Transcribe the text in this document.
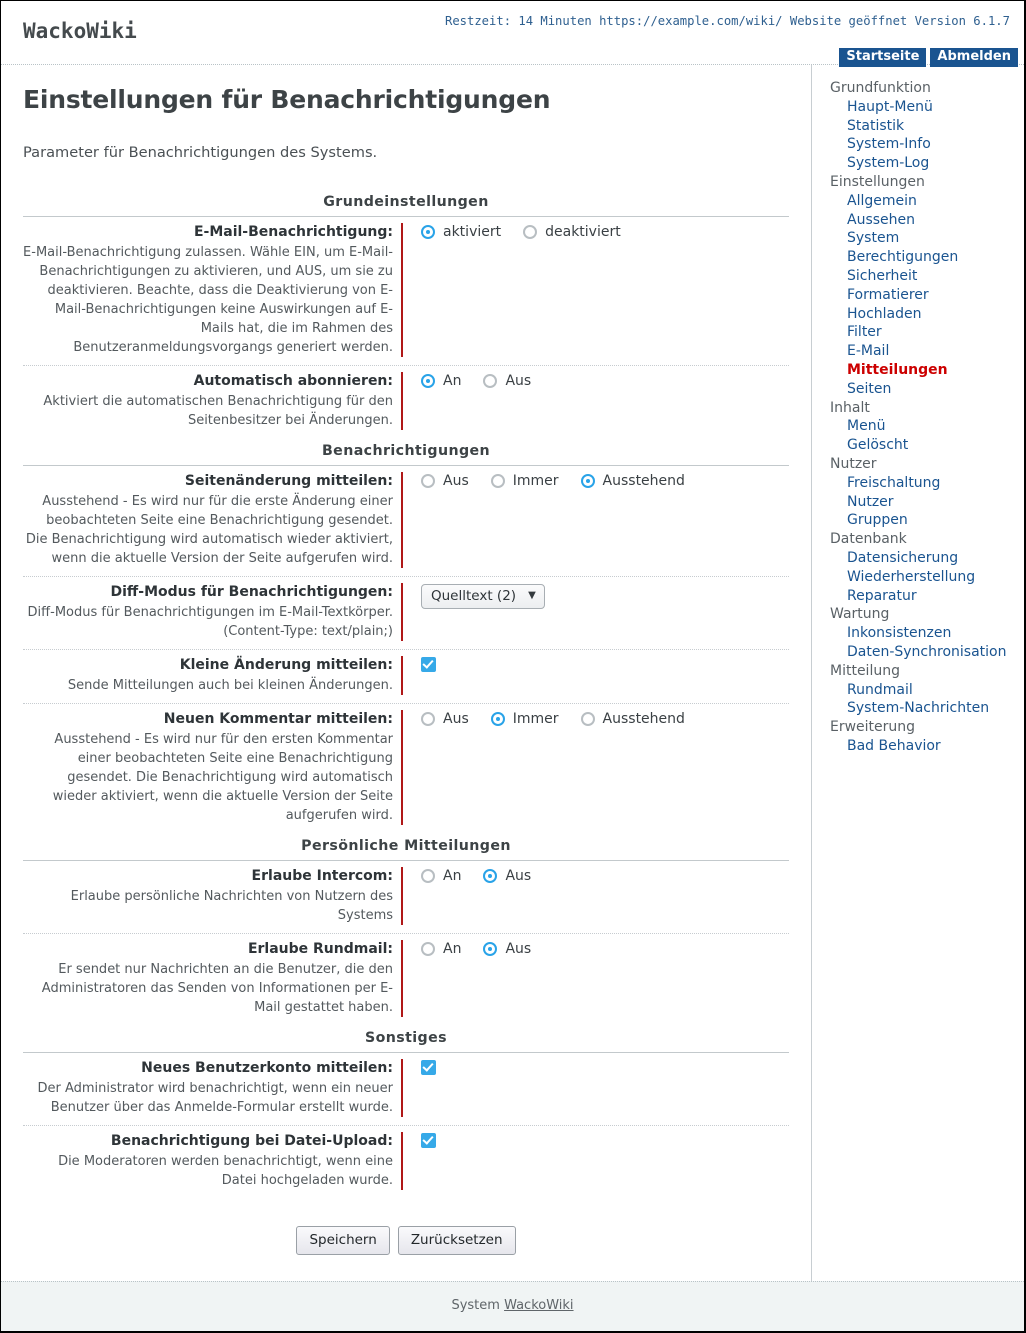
WackoWiki	Restzeit: 14 Minuten https://example.com/wiki/ Website geöffnet Version 6.1.7
Startseite	Abmelden
Einstellungen für Benachrichtigungen

Parameter für Benachrichtigungen des Systems.

Grundeinstellungen
E-Mail-Benachrichtigung:
E-Mail-Benachrichtigung zulassen. Wähle EIN, um E-Mail-Benachrichtigungen zu aktivieren, und AUS, um sie zu deaktivieren. Beachte, dass die Deaktivierung von E-Mail-Benachrichtigungen keine Auswirkungen auf E-Mails hat, die im Rahmen des Benutzeranmeldungsvorgangs generiert werden.
aktiviert	deaktiviert
Automatisch abonnieren:
Aktiviert die automatischen Benachrichtigung für den Seitenbesitzer bei Änderungen.
An	Aus
Benachrichtigungen
Seitenänderung mitteilen:
Ausstehend - Es wird nur für die erste Änderung einer beobachteten Seite eine Benachrichtigung gesendet. Die Benachrichtigung wird automatisch wieder aktiviert, wenn die aktuelle Version der Seite aufgerufen wird.
Aus	Immer	Ausstehend
Diff-Modus für Benachrichtigungen:
Diff-Modus für Benachrichtigungen im E-Mail-Textkörper. (Content-Type: text/plain;)
Quelltext (2) ▼
Kleine Änderung mitteilen:
Sende Mitteilungen auch bei kleinen Änderungen.
Neuen Kommentar mitteilen:
Ausstehend - Es wird nur für den ersten Kommentar einer beobachteten Seite eine Benachrichtigung gesendet. Die Benachrichtigung wird automatisch wieder aktiviert, wenn die aktuelle Version der Seite aufgerufen wird.
Aus	Immer	Ausstehend
Persönliche Mitteilungen
Erlaube Intercom:
Erlaube persönliche Nachrichten von Nutzern des Systems
An	Aus
Erlaube Rundmail:
Er sendet nur Nachrichten an die Benutzer, die den Administratoren das Senden von Informationen per E-Mail gestattet haben.
An	Aus
Sonstiges
Neues Benutzerkonto mitteilen:
Der Administrator wird benachrichtigt, wenn ein neuer Benutzer über das Anmelde-Formular erstellt wurde.
Benachrichtigung bei Datei-Upload:
Die Moderatoren werden benachrichtigt, wenn eine Datei hochgeladen wurde.
Speichern	Zurücksetzen
Grundfunktion
Haupt-Menü
Statistik
System-Info
System-Log
Einstellungen
Allgemein
Aussehen
System
Berechtigungen
Sicherheit
Formatierer
Hochladen
Filter
E-Mail
Mitteilungen
Seiten
Inhalt
Menü
Gelöscht
Nutzer
Freischaltung
Nutzer
Gruppen
Datenbank
Datensicherung
Wiederherstellung
Reparatur
Wartung
Inkonsistenzen
Daten-Synchronisation
Mitteilung
Rundmail
System-Nachrichten
Erweiterung
Bad Behavior
System WackoWiki
